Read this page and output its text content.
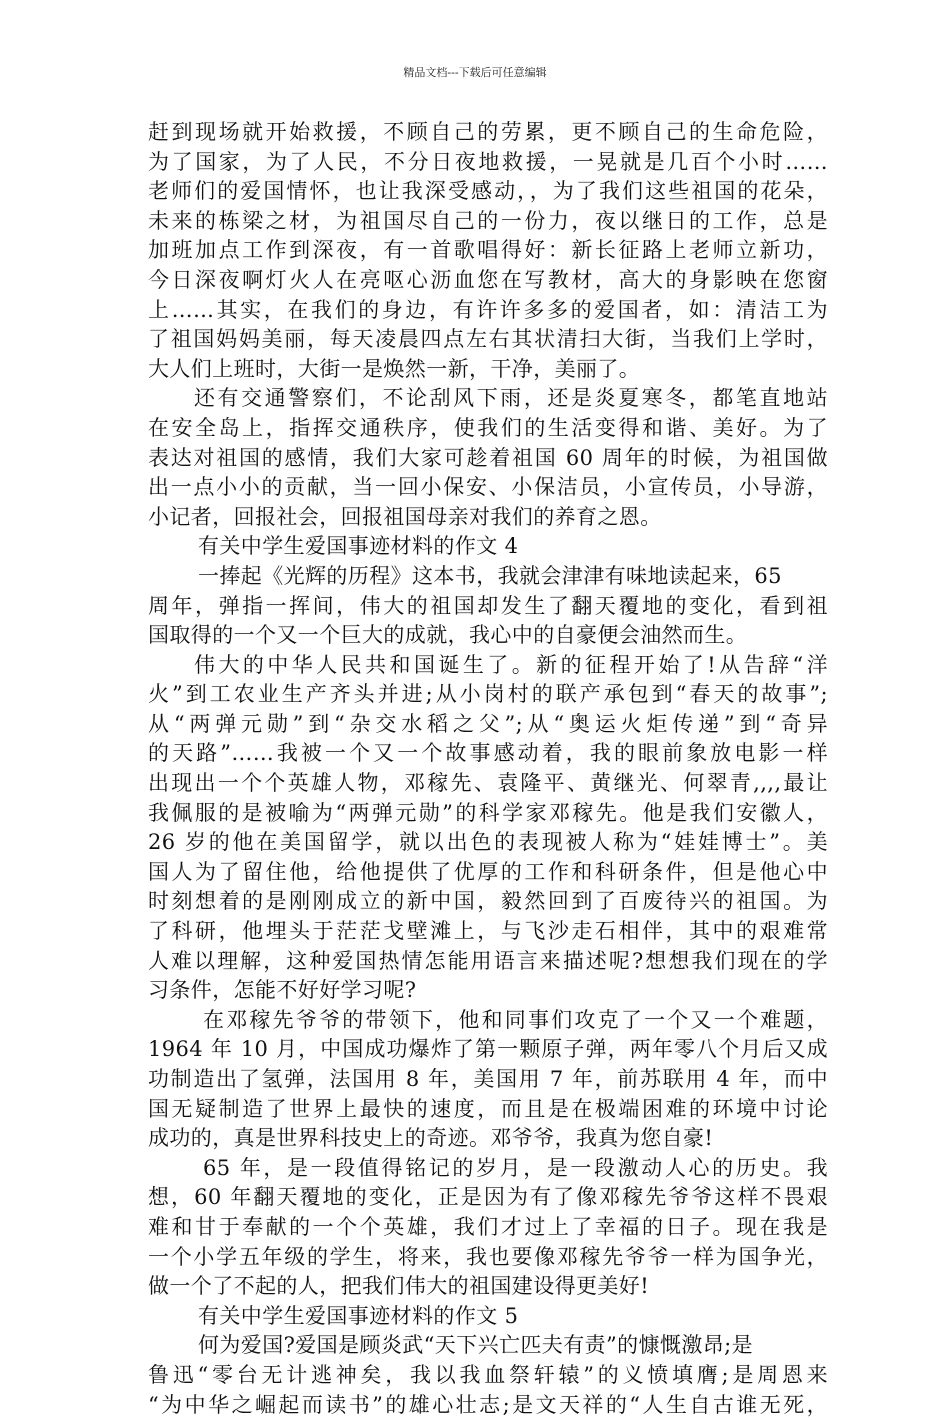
精品文档---下载后可任意编辑
赶到现场就开始救援，不顾自己的劳累，更不顾自己的生命危险，
为了国家，为了人民，不分日夜地救援，一晃就是几百个小时……
老师们的爱国情怀，也让我深受感动，，为了我们这些祖国的花朵，
未来的栋梁之材，为祖国尽自己的一份力，夜以继日的工作，总是
加班加点工作到深夜，有一首歌唱得好：新长征路上老师立新功，
今日深夜啊灯火人在亮呕心沥血您在写教材，高大的身影映在您窗
上……其实，在我们的身边，有许许多多的爱国者，如：清洁工为
了祖国妈妈美丽，每天凌晨四点左右其状清扫大街，当我们上学时，
大人们上班时，大街一是焕然一新，干净，美丽了。
还有交通警察们，不论刮风下雨，还是炎夏寒冬，都笔直地站
在安全岛上，指挥交通秩序，使我们的生活变得和谐、美好。为了
表达对祖国的感情，我们大家可趁着祖国 60 周年的时候，为祖国做
出一点小小的贡献，当一回小保安、小保洁员，小宣传员，小导游，
小记者，回报社会，回报祖国母亲对我们的养育之恩。
有关中学生爱国事迹材料的作文 4
一捧起《光辉的历程》这本书，我就会津津有味地读起来，65
周年，弹指一挥间，伟大的祖国却发生了翻天覆地的变化，看到祖
国取得的一个又一个巨大的成就，我心中的自豪便会油然而生。
伟大的中华人民共和国诞生了。新的征程开始了!从告辞“洋
火”到工农业生产齐头并进;从小岗村的联产承包到“春天的故事”;
从“两弹元勋”到“杂交水稻之父”;从“奥运火炬传递”到“奇异
的天路”……我被一个又一个故事感动着，我的眼前象放电影一样
出现出一个个英雄人物，邓稼先、袁隆平、黄继光、何翠青,,,,最让
我佩服的是被喻为“两弹元勋”的科学家邓稼先。他是我们安徽人，
26 岁的他在美国留学，就以出色的表现被人称为“娃娃博士”。美
国人为了留住他，给他提供了优厚的工作和科研条件，但是他心中
时刻想着的是刚刚成立的新中国，毅然回到了百废待兴的祖国。为
了科研，他埋头于茫茫戈壁滩上，与飞沙走石相伴，其中的艰难常
人难以理解，这种爱国热情怎能用语言来描述呢?想想我们现在的学
习条件，怎能不好好学习呢?
在邓稼先爷爷的带领下，他和同事们攻克了一个又一个难题，
1964 年 10 月，中国成功爆炸了第一颗原子弹，两年零八个月后又成
功制造出了氢弹，法国用 8 年，美国用 7 年，前苏联用 4 年，而中
国无疑制造了世界上最快的速度，而且是在极端困难的环境中讨论
成功的，真是世界科技史上的奇迹。邓爷爷，我真为您自豪!
65 年，是一段值得铭记的岁月，是一段激动人心的历史。我
想，60 年翻天覆地的变化，正是因为有了像邓稼先爷爷这样不畏艰
难和甘于奉献的一个个英雄，我们才过上了幸福的日子。现在我是
一个小学五年级的学生，将来，我也要像邓稼先爷爷一样为国争光，
做一个了不起的人，把我们伟大的祖国建设得更美好!
有关中学生爱国事迹材料的作文 5
何为爱国?爱国是顾炎武“天下兴亡匹夫有责”的慷慨激昂;是
鲁迅“零台无计逃神矣，我以我血祭轩辕”的义愤填膺;是周恩来
“为中华之崛起而读书”的雄心壮志;是文天祥的“人生自古谁无死，
